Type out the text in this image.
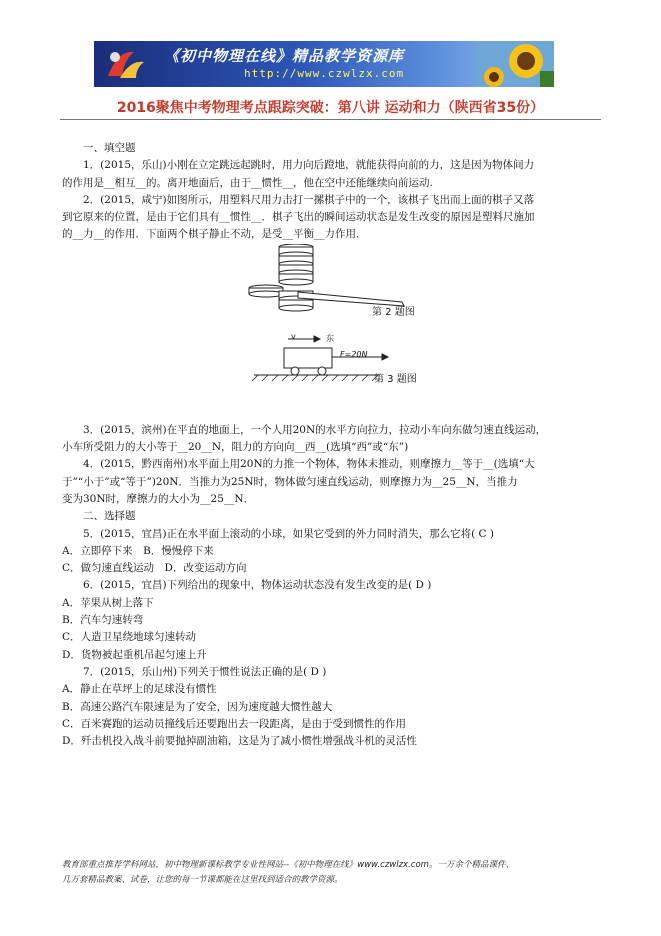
《初中物理在线》精品教学资源库
http://www.czwlzx.com
2016聚焦中考物理考点跟踪突破：第八讲 运动和力（陕西省35份）
一、填空题
1．(2015，乐山)小刚在立定跳远起跳时，用力向后蹬地，就能获得向前的力，这是因为物体间力
的作用是__相互__的。离开地面后，由于__惯性__，他在空中还能继续向前运动.
2．(2015，咸宁)如图所示，用塑料尺用力击打一摞棋子中的一个，该棋子飞出而上面的棋子又落
到它原来的位置，是由于它们具有__惯性__．棋子飞出的瞬间运动状态是发生改变的原因是塑料尺施加
的__力__的作用．下面两个棋子静止不动，是受__平衡__力作用．
v	东
F=20N
第 2 题图
第 3 题图
3．(2015，滨州)在平直的地面上，一个人用20N的水平方向拉力，拉动小车向东做匀速直线运动，
小车所受阻力的大小等于__20__N，阻力的方向向__西__(选填“西”或“东”)
4．(2015，黔西南州)水平面上用20N的力推一个物体，物体未推动，则摩擦力__等于__(选填“大
于”“小于”或“等于”)20N．当推力为25N时，物体做匀速直线运动，则摩擦力为__25__N，当推力
变为30N时，摩擦力的大小为__25__N．
二、选择题
5．(2015，宜昌)正在水平面上滚动的小球，如果它受到的外力同时消失，那么它将( C )
A．立即停下来　B．慢慢停下来
C．做匀速直线运动　D．改变运动方向
6．(2015，宜昌)下列给出的现象中，物体运动状态没有发生改变的是( D )
A．苹果从树上落下
B．汽车匀速转弯
C．人造卫星绕地球匀速转动
D．货物被起重机吊起匀速上升
7．(2015，乐山州)下列关于惯性说法正确的是( D )
A．静止在草坪上的足球没有惯性
B．高速公路汽车限速是为了安全，因为速度越大惯性越大
C．百米赛跑的运动员撞线后还要跑出去一段距离，是由于受到惯性的作用
D．歼击机投入战斗前要抛掉副油箱，这是为了减小惯性增强战斗机的灵活性
教育部重点推荐学科网站，初中物理新课标教学专业性网站--《初中物理在线》www.czwlzx.com。一万余个精品课件、
几万套精品教案、试卷，让您的每一节课都能在这里找到适合的教学资源。
